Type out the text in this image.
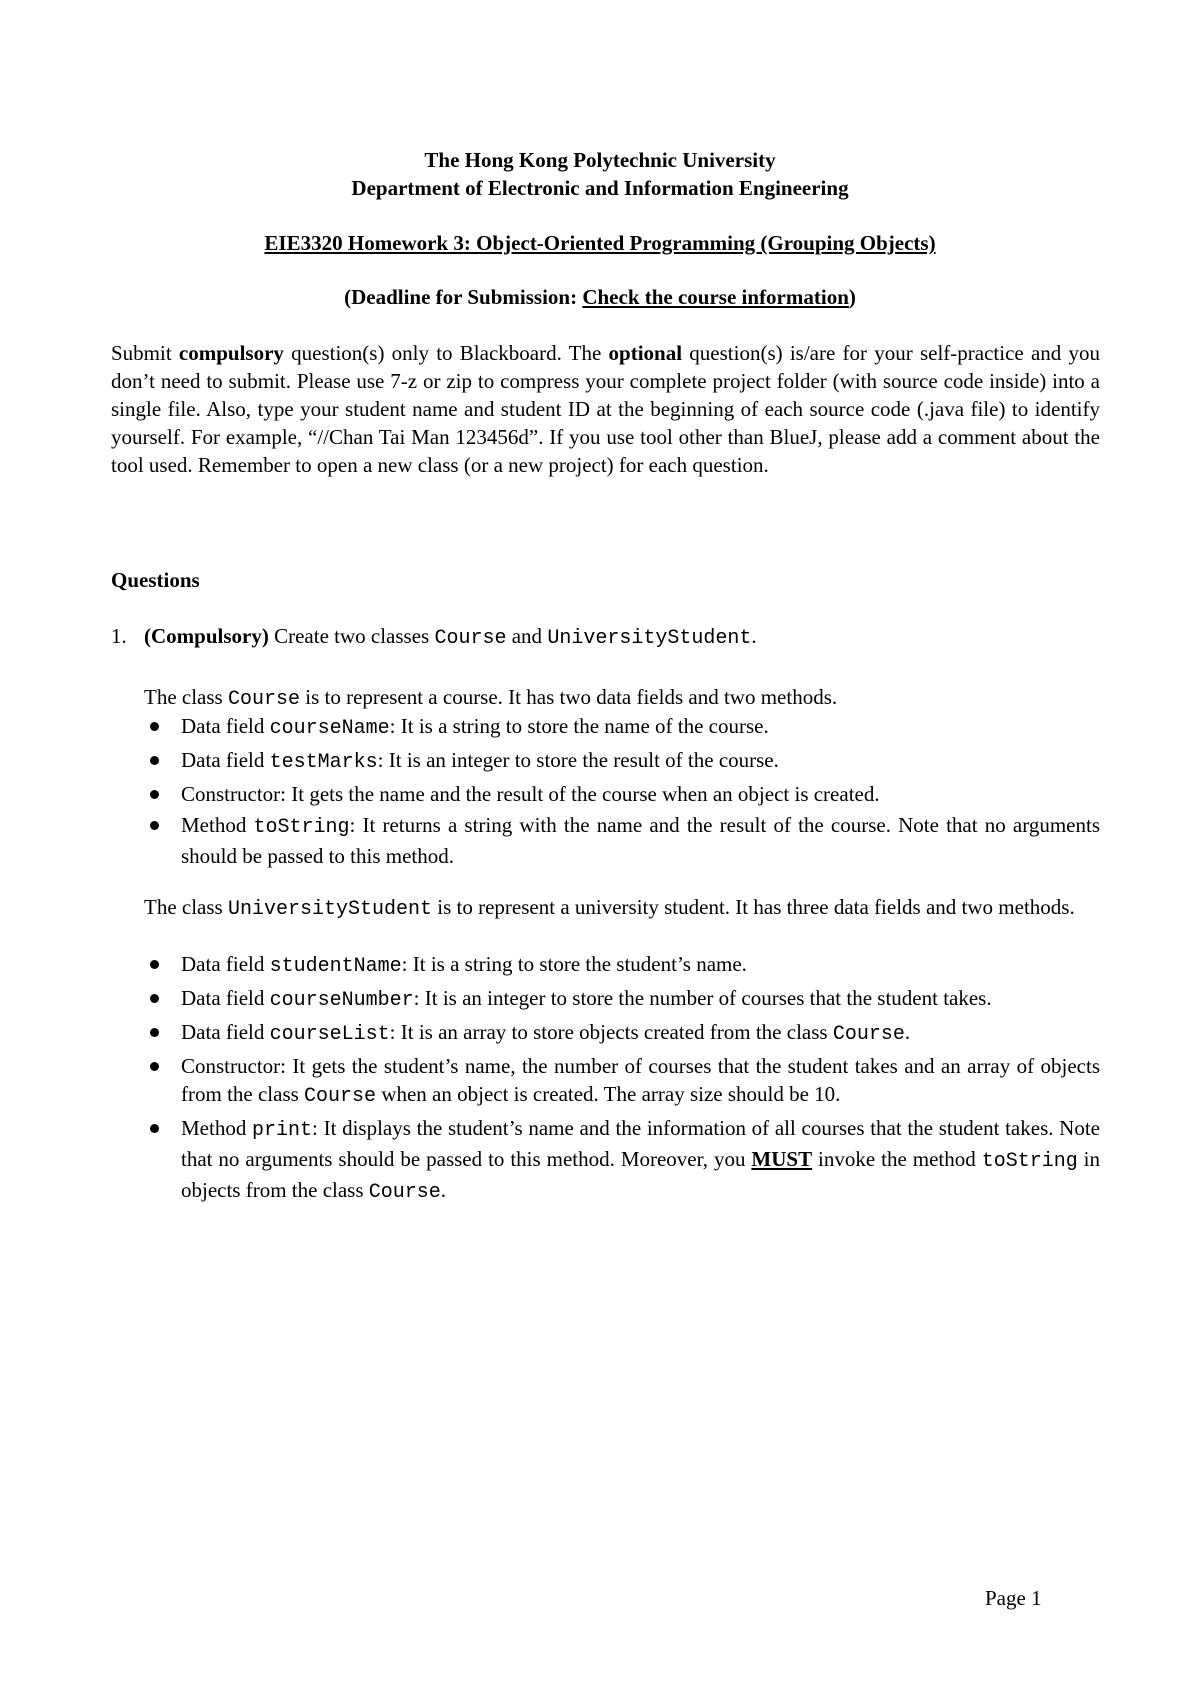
The Hong Kong Polytechnic University
Department of Electronic and Information Engineering
EIE3320 Homework 3: Object-Oriented Programming (Grouping Objects)
(Deadline for Submission: Check the course information)
Submit compulsory question(s) only to Blackboard. The optional question(s) is/are for your self-practice and you don’t need to submit. Please use 7-z or zip to compress your complete project folder (with source code inside) into a single file. Also, type your student name and student ID at the beginning of each source code (.java file) to identify yourself. For example, “//Chan Tai Man 123456d”. If you use tool other than BlueJ, please add a comment about the tool used. Remember to open a new class (or a new project) for each question.
Questions
1. (Compulsory) Create two classes Course and UniversityStudent.
The class Course is to represent a course. It has two data fields and two methods.
Data field courseName: It is a string to store the name of the course.
Data field testMarks: It is an integer to store the result of the course.
Constructor: It gets the name and the result of the course when an object is created.
Method toString: It returns a string with the name and the result of the course. Note that no arguments should be passed to this method.
The class UniversityStudent is to represent a university student. It has three data fields and two methods.
Data field studentName: It is a string to store the student’s name.
Data field courseNumber: It is an integer to store the number of courses that the student takes.
Data field courseList: It is an array to store objects created from the class Course.
Constructor: It gets the student’s name, the number of courses that the student takes and an array of objects from the class Course when an object is created. The array size should be 10.
Method print: It displays the student’s name and the information of all courses that the student takes. Note that no arguments should be passed to this method. Moreover, you MUST invoke the method toString in objects from the class Course.
Page 1
